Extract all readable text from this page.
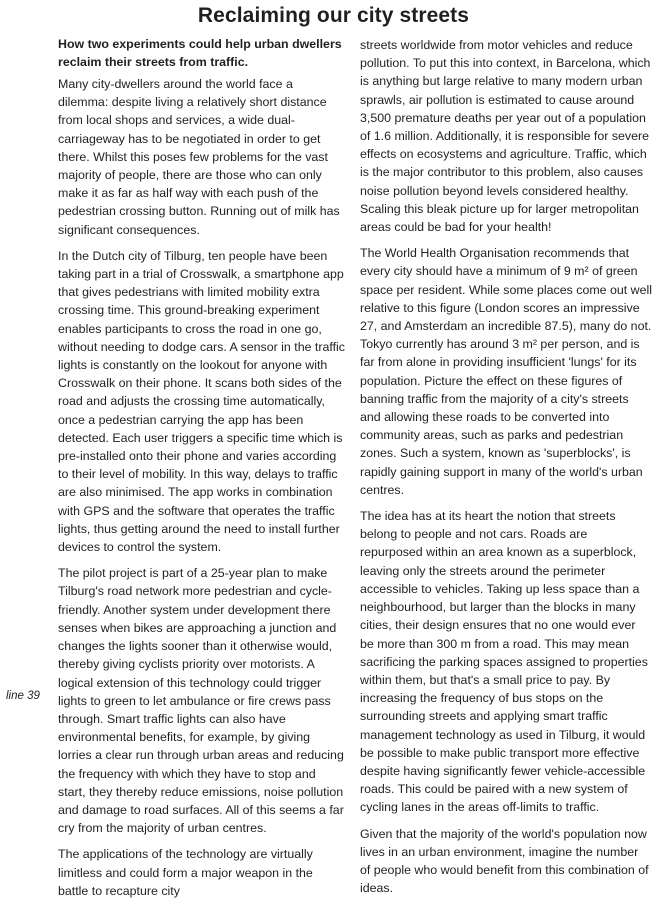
Reclaiming our city streets
How two experiments could help urban dwellers reclaim their streets from traffic.

Many city-dwellers around the world face a dilemma: despite living a relatively short distance from local shops and services, a wide dual-carriageway has to be negotiated in order to get there. Whilst this poses few problems for the vast majority of people, there are those who can only make it as far as half way with each push of the pedestrian crossing button. Running out of milk has significant consequences.

In the Dutch city of Tilburg, ten people have been taking part in a trial of Crosswalk, a smartphone app that gives pedestrians with limited mobility extra crossing time. This ground-breaking experiment enables participants to cross the road in one go, without needing to dodge cars. A sensor in the traffic lights is constantly on the lookout for anyone with Crosswalk on their phone. It scans both sides of the road and adjusts the crossing time automatically, once a pedestrian carrying the app has been detected. Each user triggers a specific time which is pre-installed onto their phone and varies according to their level of mobility. In this way, delays to traffic are also minimised. The app works in combination with GPS and the software that operates the traffic lights, thus getting around the need to install further devices to control the system.

The pilot project is part of a 25-year plan to make Tilburg's road network more pedestrian and cycle-friendly. Another system under development there senses when bikes are approaching a junction and changes the lights sooner than it otherwise would, thereby giving cyclists priority over motorists. A logical extension of this technology could trigger lights to green to let ambulance or fire crews pass through. Smart traffic lights can also have environmental benefits, for example, by giving lorries a clear run through urban areas and reducing the frequency with which they have to stop and start, they thereby reduce emissions, noise pollution and damage to road surfaces. All of this seems a far cry from the majority of urban centres.

The applications of the technology are virtually limitless and could form a major weapon in the battle to recapture city

streets worldwide from motor vehicles and reduce pollution. To put this into context, in Barcelona, which is anything but large relative to many modern urban sprawls, air pollution is estimated to cause around 3,500 premature deaths per year out of a population of 1.6 million. Additionally, it is responsible for severe effects on ecosystems and agriculture. Traffic, which is the major contributor to this problem, also causes noise pollution beyond levels considered healthy. Scaling this bleak picture up for larger metropolitan areas could be bad for your health!

The World Health Organisation recommends that every city should have a minimum of 9 m² of green space per resident. While some places come out well relative to this figure (London scores an impressive 27, and Amsterdam an incredible 87.5), many do not. Tokyo currently has around 3 m² per person, and is far from alone in providing insufficient 'lungs' for its population. Picture the effect on these figures of banning traffic from the majority of a city's streets and allowing these roads to be converted into community areas, such as parks and pedestrian zones. Such a system, known as 'superblocks', is rapidly gaining support in many of the world's urban centres.

The idea has at its heart the notion that streets belong to people and not cars. Roads are repurposed within an area known as a superblock, leaving only the streets around the perimeter accessible to vehicles. Taking up less space than a neighbourhood, but larger than the blocks in many cities, their design ensures that no one would ever be more than 300 m from a road. This may mean sacrificing the parking spaces assigned to properties within them, but that's a small price to pay. By increasing the frequency of bus stops on the surrounding streets and applying smart traffic management technology as used in Tilburg, it would be possible to make public transport more effective despite having significantly fewer vehicle-accessible roads. This could be paired with a new system of cycling lanes in the areas off-limits to traffic.

Given that the majority of the world's population now lives in an urban environment, imagine the number of people who would benefit from this combination of ideas.

line 39
